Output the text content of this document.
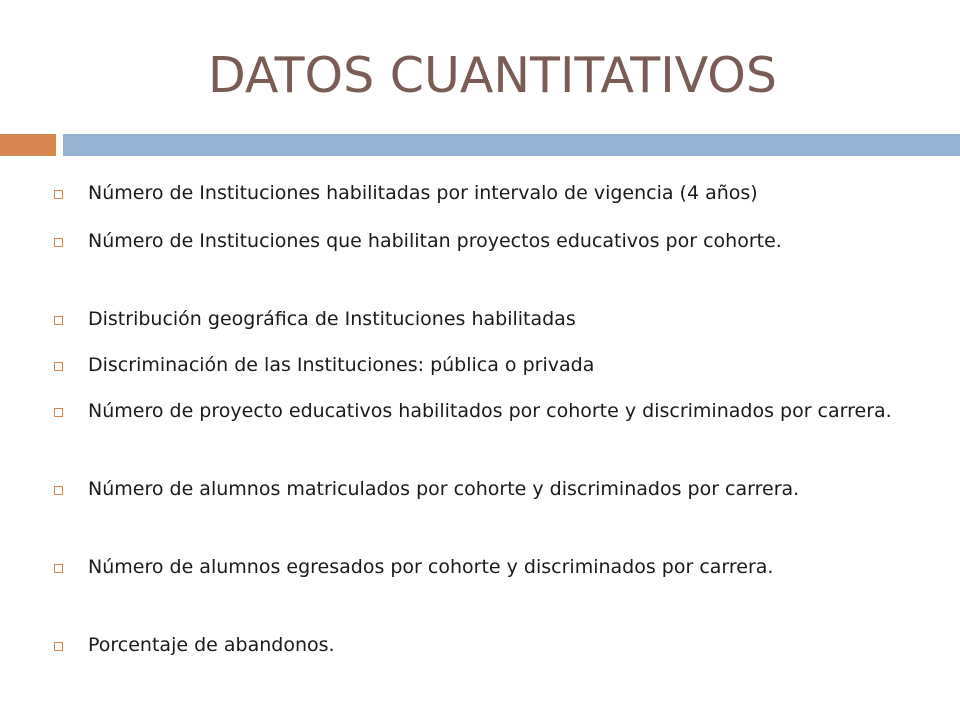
DATOS CUANTITATIVOS
Número de Instituciones habilitadas por intervalo de vigencia (4 años)
Número de Instituciones que habilitan proyectos educativos por cohorte.
Distribución geográfica de Instituciones habilitadas
Discriminación de las Instituciones: pública o privada
Número de proyecto educativos habilitados por cohorte y discriminados por carrera.
Número de alumnos matriculados por cohorte y discriminados por carrera.
Número de alumnos egresados por cohorte y discriminados por carrera.
Porcentaje de abandonos.
